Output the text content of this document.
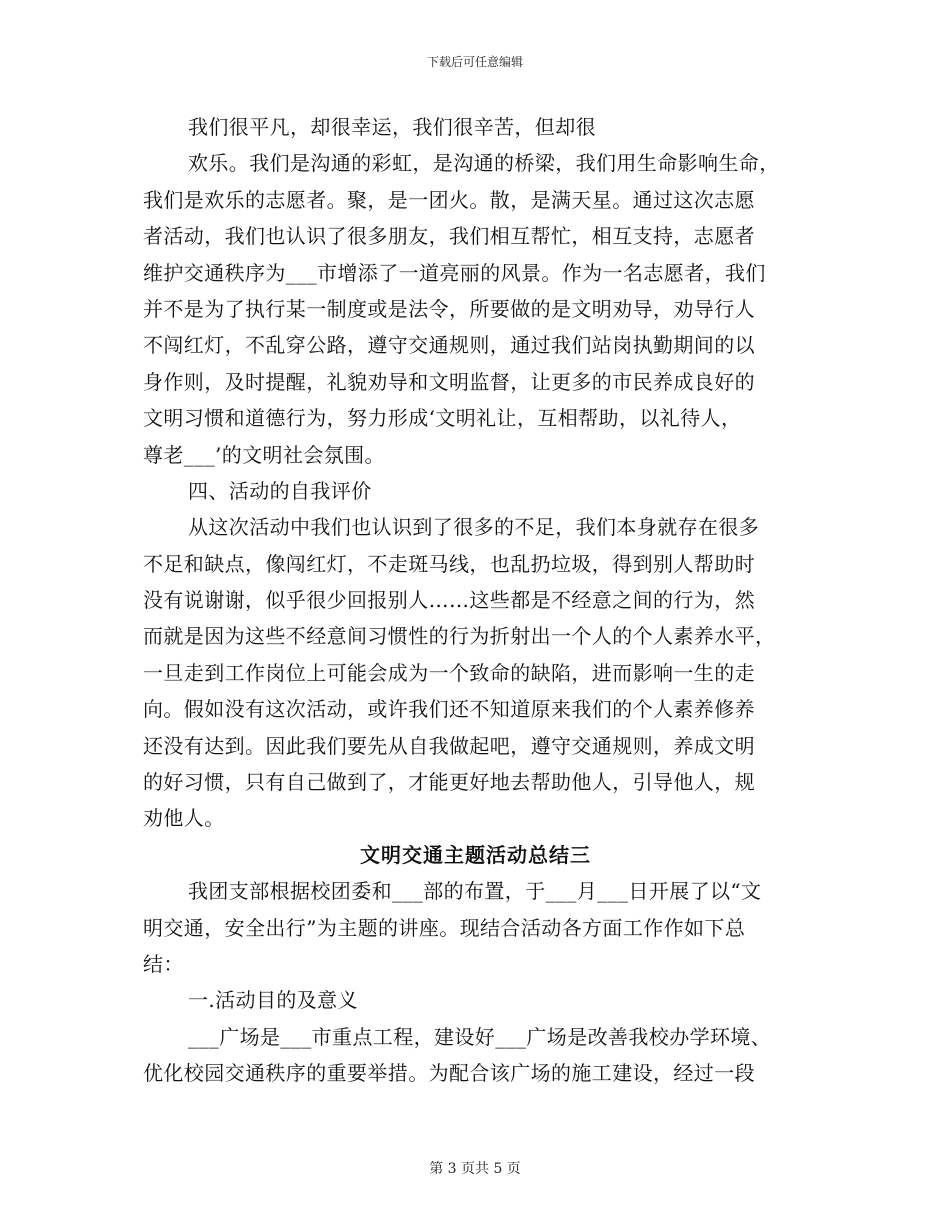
下载后可任意编辑
我们很平凡，却很幸运，我们很辛苦，但却很
欢乐。我们是沟通的彩虹，是沟通的桥梁，我们用生命影响生命，
我们是欢乐的志愿者。聚，是一团火。散，是满天星。通过这次志愿
者活动，我们也认识了很多朋友，我们相互帮忙，相互支持，志愿者
维护交通秩序为___市增添了一道亮丽的风景。作为一名志愿者，我们
并不是为了执行某一制度或是法令，所要做的是文明劝导，劝导行人
不闯红灯，不乱穿公路，遵守交通规则，通过我们站岗执勤期间的以
身作则，及时提醒，礼貌劝导和文明监督，让更多的市民养成良好的
文明习惯和道德行为，努力形成‘文明礼让，互相帮助，以礼待人，
尊老___’的文明社会氛围。
四、活动的自我评价
从这次活动中我们也认识到了很多的不足，我们本身就存在很多
不足和缺点，像闯红灯，不走斑马线，也乱扔垃圾，得到别人帮助时
没有说谢谢，似乎很少回报别人……这些都是不经意之间的行为，然
而就是因为这些不经意间习惯性的行为折射出一个人的个人素养水平，
一旦走到工作岗位上可能会成为一个致命的缺陷，进而影响一生的走
向。假如没有这次活动，或许我们还不知道原来我们的个人素养修养
还没有达到。因此我们要先从自我做起吧，遵守交通规则，养成文明
的好习惯，只有自己做到了，才能更好地去帮助他人，引导他人，规
劝他人。
文明交通主题活动总结三
我团支部根据校团委和___部的布置，于___月___日开展了以“文
明交通，安全出行”为主题的讲座。现结合活动各方面工作作如下总
结：
一.活动目的及意义
___广场是___市重点工程，建设好___广场是改善我校办学环境、
优化校园交通秩序的重要举措。为配合该广场的施工建设，经过一段
第 3 页共 5 页
